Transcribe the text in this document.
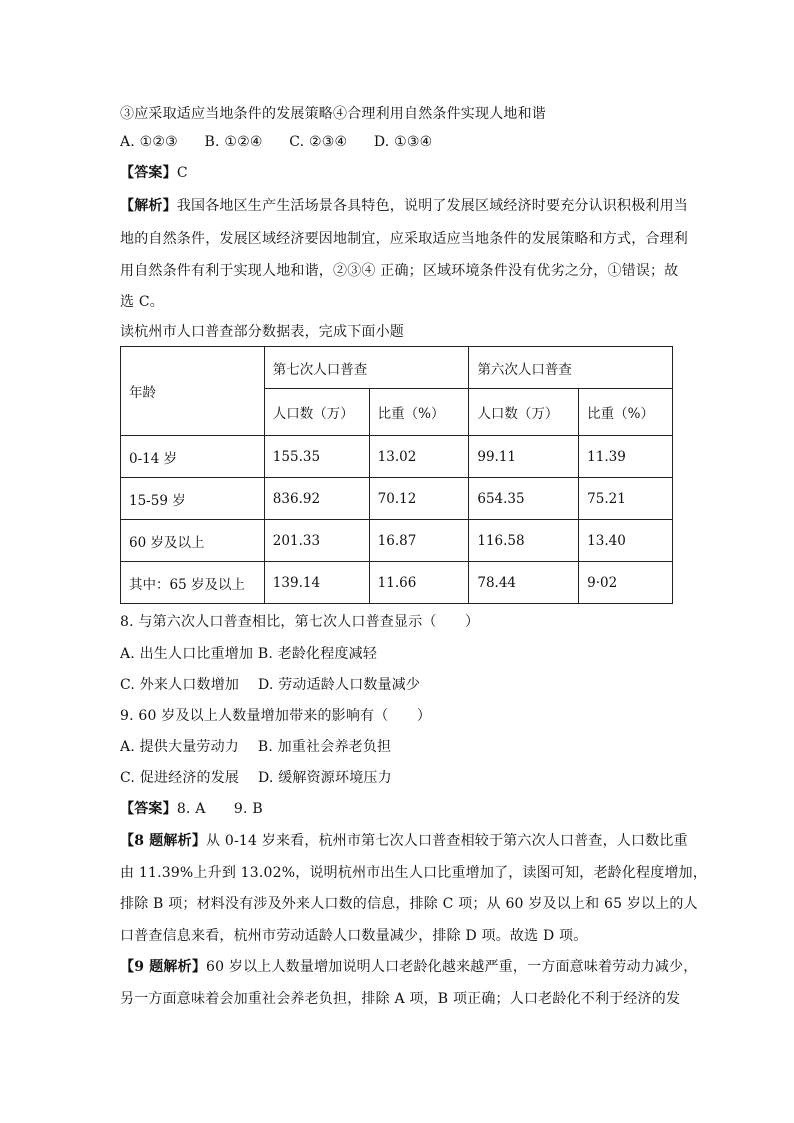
③应采取适应当地条件的发展策略④合理利用自然条件实现人地和谐
A. ①②③ B. ①②④ C. ②③④ D. ①③④
【答案】C
【解析】我国各地区生产生活场景各具特色，说明了发展区域经济时要充分认识积极利用当
地的自然条件，发展区域经济要因地制宜，应采取适应当地条件的发展策略和方式，合理利
用自然条件有利于实现人地和谐，②③④ 正确；区域环境条件没有优劣之分，①错误；故
选 C。
读杭州市人口普查部分数据表，完成下面小题
年龄	第七次人口普查		第六次人口普查	
	人口数（万）	比重（%）	人口数（万）	比重（%）
0-14 岁	155.35	13.02	99.11	11.39
15-59 岁	836.92	70.12	654.35	75.21
60 岁及以上	201.33	16.87	116.58	13.40
其中：65 岁及以上	139.14	11.66	78.44	9·02
8. 与第六次人口普查相比，第七次人口普查显示（　　）
A. 出生人口比重增加 B. 老龄化程度减轻
C. 外来人口数增加　 D. 劳动适龄人口数量减少
9. 60 岁及以上人数量增加带来的影响有（　　）
A. 提供大量劳动力　 B. 加重社会养老负担
C. 促进经济的发展　 D. 缓解资源环境压力
【答案】8. A　　9. B
【8 题解析】从 0-14 岁来看，杭州市第七次人口普查相较于第六次人口普查，人口数比重
由 11.39%上升到 13.02%，说明杭州市出生人口比重增加了，读图可知，老龄化程度增加，
排除 B 项；材料没有涉及外来人口数的信息，排除 C 项；从 60 岁及以上和 65 岁以上的人
口普查信息来看，杭州市劳动适龄人口数量减少，排除 D 项。故选 D 项。
【9 题解析】60 岁以上人数量增加说明人口老龄化越来越严重，一方面意味着劳动力减少，
另一方面意味着会加重社会养老负担，排除 A 项，B 项正确；人口老龄化不利于经济的发
